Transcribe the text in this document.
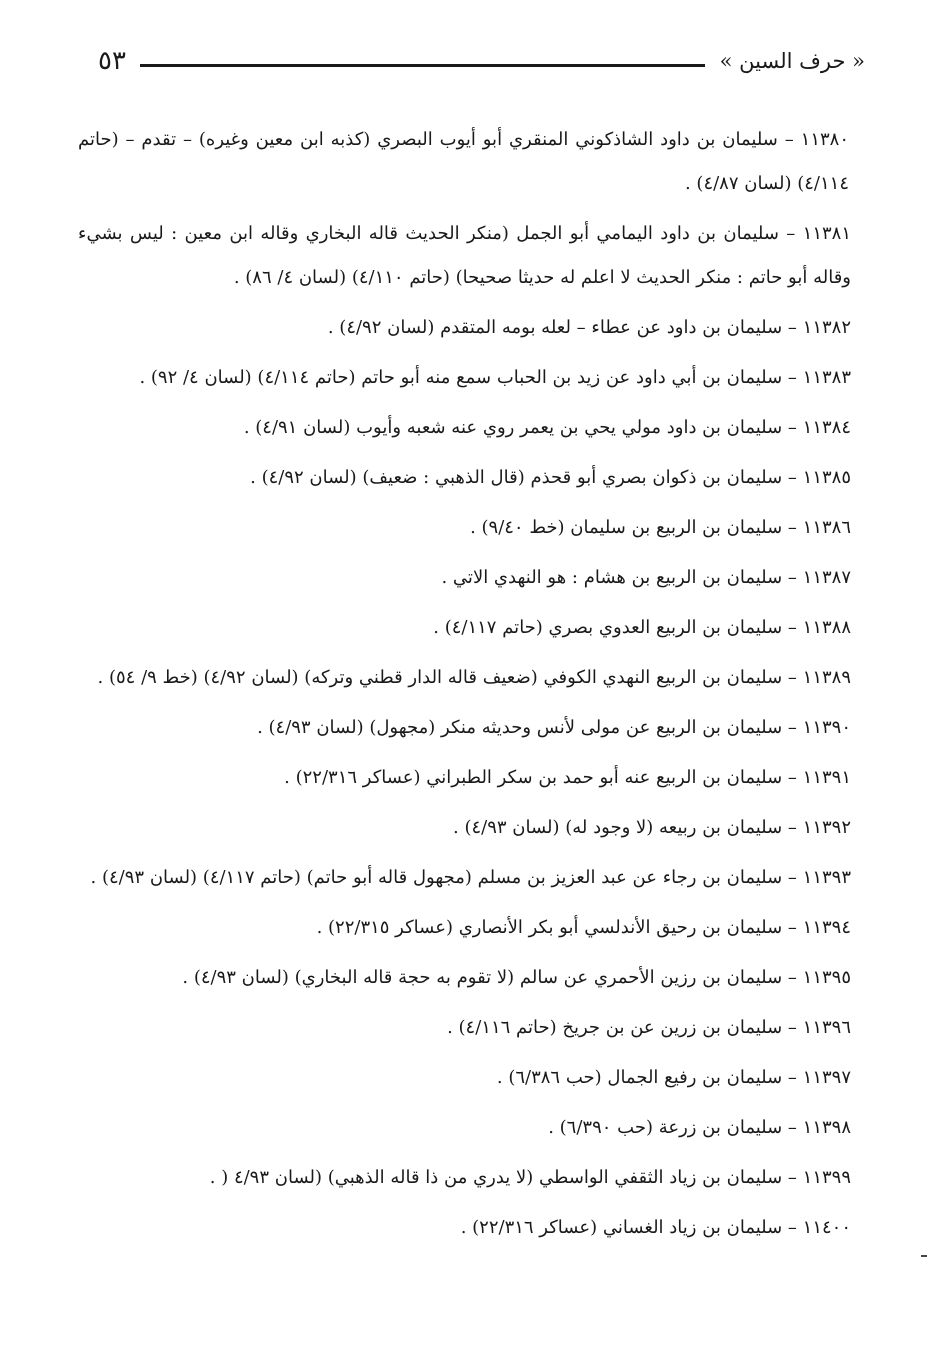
٥٣	« حرف السين »
١١٣٨٠ – سليمان بن داود الشاذكوني المنقري أبو أيوب البصري (كذبه ابن معين وغيره) – تقدم – (حاتم ٤/١١٤) (لسان ٤/٨٧) .
١١٣٨١ – سليمان بن داود اليمامي أبو الجمل (منكر الحديث قاله البخاري وقاله ابن معين : ليس بشيء وقاله أبو حاتم : منكر الحديث لا اعلم له حديثا صحيحا) (حاتم ٤/١١٠) (لسان ٤/ ٨٦) .
١١٣٨٢ – سليمان بن داود عن عطاء – لعله بومه المتقدم (لسان ٤/٩٢) .
١١٣٨٣ – سليمان بن أبي داود عن زيد بن الحباب سمع منه أبو حاتم (حاتم ٤/١١٤) (لسان ٤/ ٩٢) .
١١٣٨٤ – سليمان بن داود مولي يحي بن يعمر روي عنه شعبه وأيوب (لسان ٤/٩١) .
١١٣٨٥ – سليمان بن ذكوان بصري أبو قحذم (قال الذهبي : ضعيف) (لسان ٤/٩٢) .
١١٣٨٦ – سليمان بن الربيع بن سليمان (خط ٩/٤٠) .
١١٣٨٧ – سليمان بن الربيع بن هشام : هو النهدي الاتي .
١١٣٨٨ – سليمان بن الربيع العدوي بصري (حاتم ٤/١١٧) .
١١٣٨٩ – سليمان بن الربيع النهدي الكوفي (ضعيف قاله الدار قطني وتركه) (لسان ٤/٩٢) (خط ٩/ ٥٤) .
١١٣٩٠ – سليمان بن الربيع عن مولى لأنس وحديثه منكر (مجهول) (لسان ٤/٩٣) .
١١٣٩١ – سليمان بن الربيع عنه أبو حمد بن سكر الطبراني (عساكر ٢٢/٣١٦) .
١١٣٩٢ – سليمان بن ربيعه (لا وجود له) (لسان ٤/٩٣) .
١١٣٩٣ – سليمان بن رجاء عن عبد العزيز بن مسلم (مجهول قاله أبو حاتم) (حاتم ٤/١١٧) (لسان ٤/٩٣) .
١١٣٩٤ – سليمان بن رحيق الأندلسي أبو بكر الأنصاري (عساكر ٢٢/٣١٥) .
١١٣٩٥ – سليمان بن رزين الأحمري عن سالم (لا تقوم به حجة قاله البخاري) (لسان ٤/٩٣) .
١١٣٩٦ – سليمان بن زرين عن بن جريخ (حاتم ٤/١١٦) .
١١٣٩٧ – سليمان بن رفيع الجمال (حب ٦/٣٨٦) .
١١٣٩٨ – سليمان بن زرعة (حب ٦/٣٩٠) .
١١٣٩٩ – سليمان بن زياد الثقفي الواسطي (لا يدري من ذا قاله الذهبي) (لسان ٤/٩٣ ( .
١١٤٠٠ – سليمان بن زياد الغساني (عساكر ٢٢/٣١٦) .
